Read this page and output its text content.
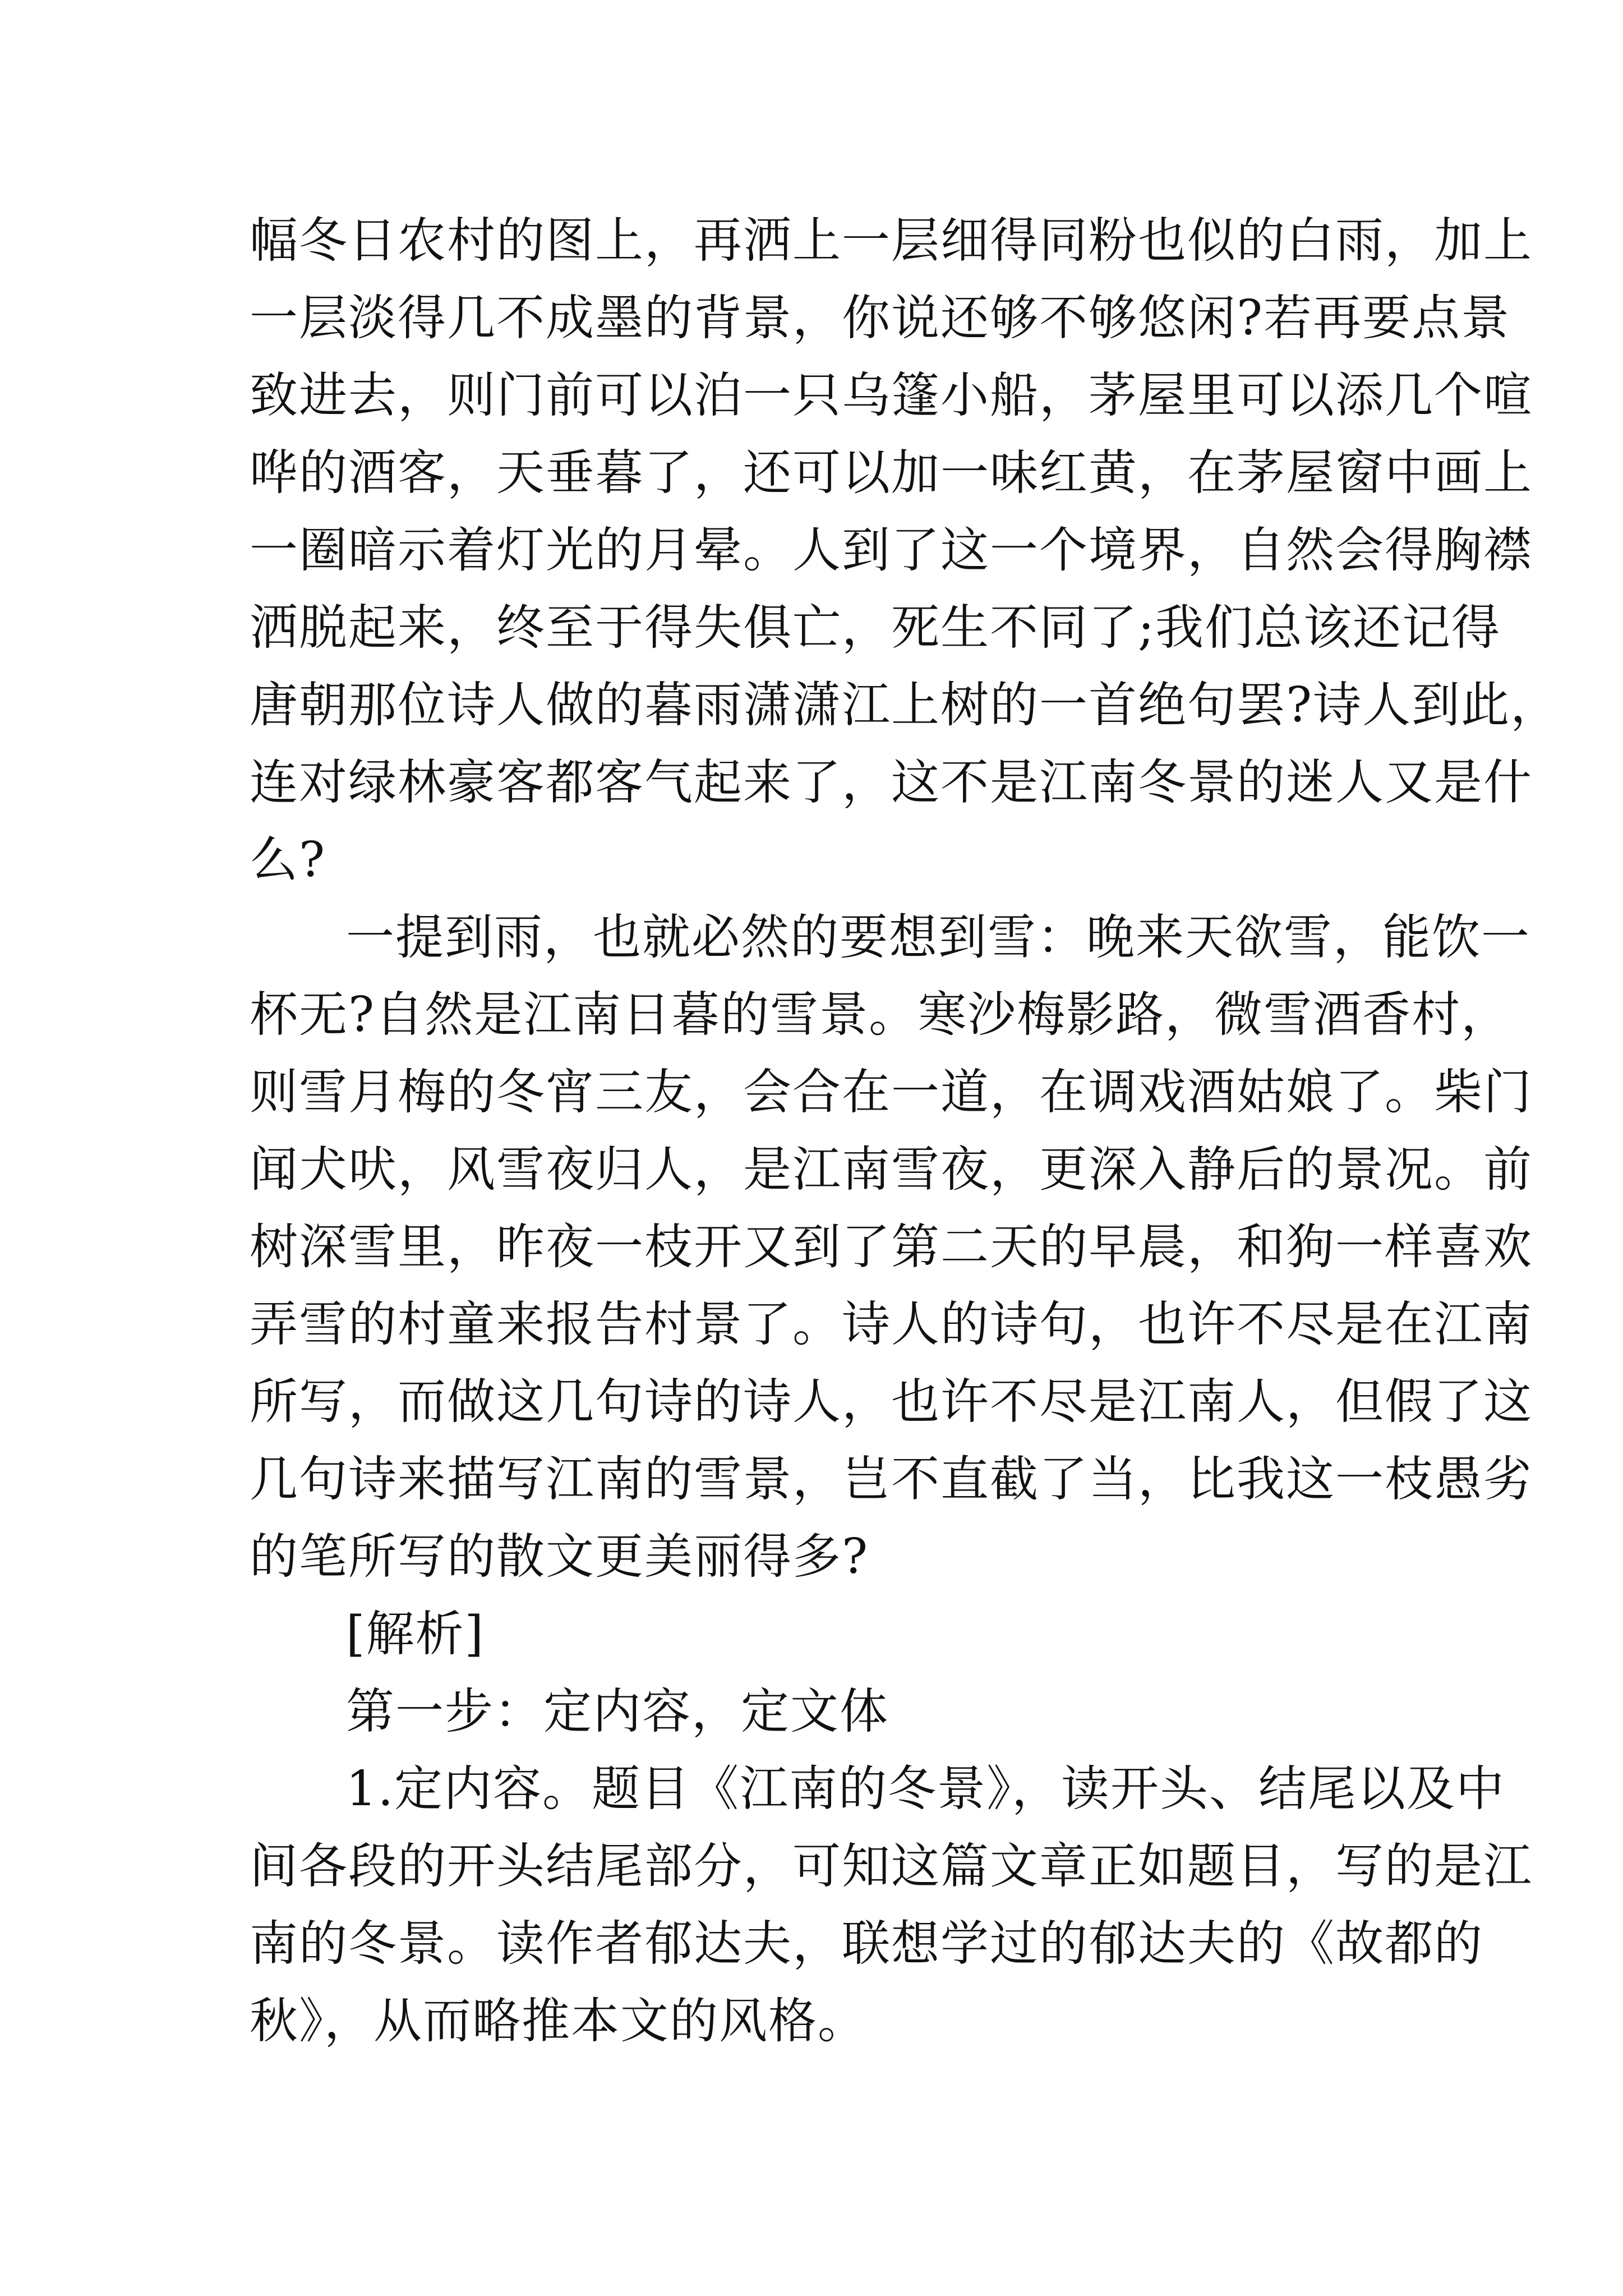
幅冬日农村的图上，再洒上一层细得同粉也似的白雨，加上
一层淡得几不成墨的背景，你说还够不够悠闲?若再要点景
致进去，则门前可以泊一只乌篷小船，茅屋里可以添几个喧
哗的酒客，天垂暮了，还可以加一味红黄，在茅屋窗中画上
一圈暗示着灯光的月晕。人到了这一个境界，自然会得胸襟
洒脱起来，终至于得失俱亡，死生不同了;我们总该还记得
唐朝那位诗人做的暮雨潇潇江上树的一首绝句罢?诗人到此，
连对绿林豪客都客气起来了，这不是江南冬景的迷人又是什
么?
一提到雨，也就必然的要想到雪：晚来天欲雪，能饮一
杯无?自然是江南日暮的雪景。寒沙梅影路，微雪酒香村，
则雪月梅的冬宵三友，会合在一道，在调戏酒姑娘了。柴门
闻犬吠，风雪夜归人，是江南雪夜，更深入静后的景况。前
树深雪里，昨夜一枝开又到了第二天的早晨，和狗一样喜欢
弄雪的村童来报告村景了。诗人的诗句，也许不尽是在江南
所写，而做这几句诗的诗人，也许不尽是江南人，但假了这
几句诗来描写江南的雪景，岂不直截了当，比我这一枝愚劣
的笔所写的散文更美丽得多?
[解析]
第一步：定内容，定文体
1.定内容。题目《江南的冬景》，读开头、结尾以及中
间各段的开头结尾部分，可知这篇文章正如题目，写的是江
南的冬景。读作者郁达夫，联想学过的郁达夫的《故都的
秋》，从而略推本文的风格。
